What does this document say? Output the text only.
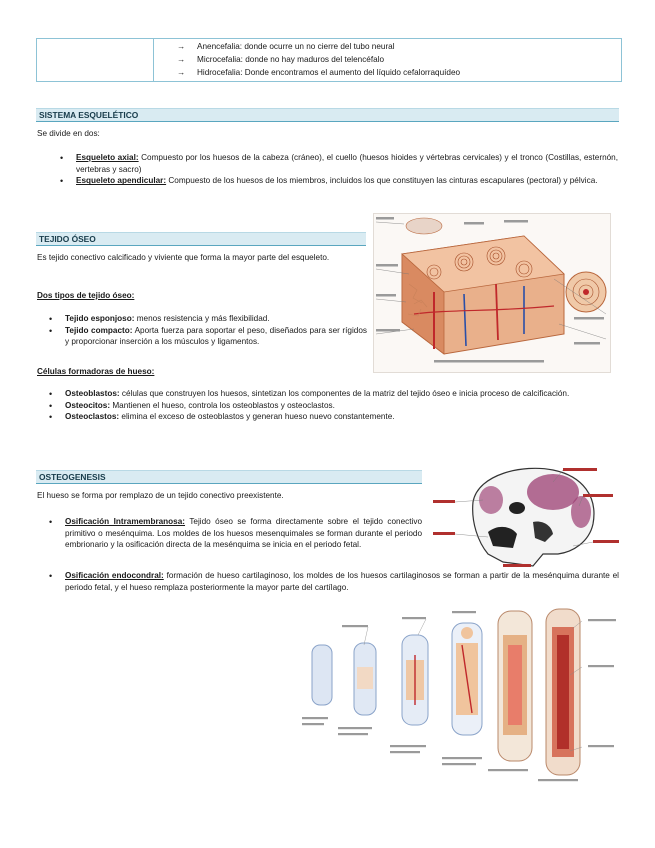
→ Anencefalia: donde ocurre un no cierre del tubo neural
→ Microcefalia: donde no hay maduros del telencéfalo
→ Hidrocefalia: Donde encontramos el aumento del líquido cefalorraquídeo
SISTEMA ESQUELÉTICO
Se divide en dos:
• Esqueleto axial: Compuesto por los huesos de la cabeza (cráneo), el cuello (huesos hioides y vértebras cervicales) y el tronco (Costillas, esternón, vertebras y sacro)
• Esqueleto apendicular: Compuesto de los huesos de los miembros, incluidos los que constituyen las cinturas escapulares (pectoral) y pélvica.
TEJIDO ÓSEO
Es tejido conectivo calcificado y viviente que forma la mayor parte del esqueleto.
Dos tipos de tejido óseo:
• Tejido esponjoso: menos resistencia y más flexibilidad.
• Tejido compacto: Aporta fuerza para soportar el peso, diseñados para ser rígidos y proporcionar inserción a los músculos y ligamentos.
Células formadoras de hueso:
• Osteoblastos: células que construyen los huesos, sintetizan los componentes de la matriz del tejido óseo e inicia proceso de calcificación.
• Osteocitos: Mantienen el hueso, controla los osteoblastos y osteoclastos.
• Osteoclastos: elimina el exceso de osteoblastos y generan hueso nuevo constantemente.
OSTEOGENESIS
El hueso se forma por remplazo de un tejido conectivo preexistente.
• Osificación Intramembranosa: Tejido óseo se forma directamente sobre el tejido conectivo primitivo o mesénquima. Los moldes de los huesos mesenquimales se forman durante el periodo embrionario y la osificación directa de la mesénquima se inicia en el periodo fetal.
• Osificación endocondral: formación de hueso cartilaginoso, los moldes de los huesos cartilaginosos se forman a partir de la mesénquima durante el periodo fetal, y el hueso remplaza posteriormente la mayor parte del cartílago.
